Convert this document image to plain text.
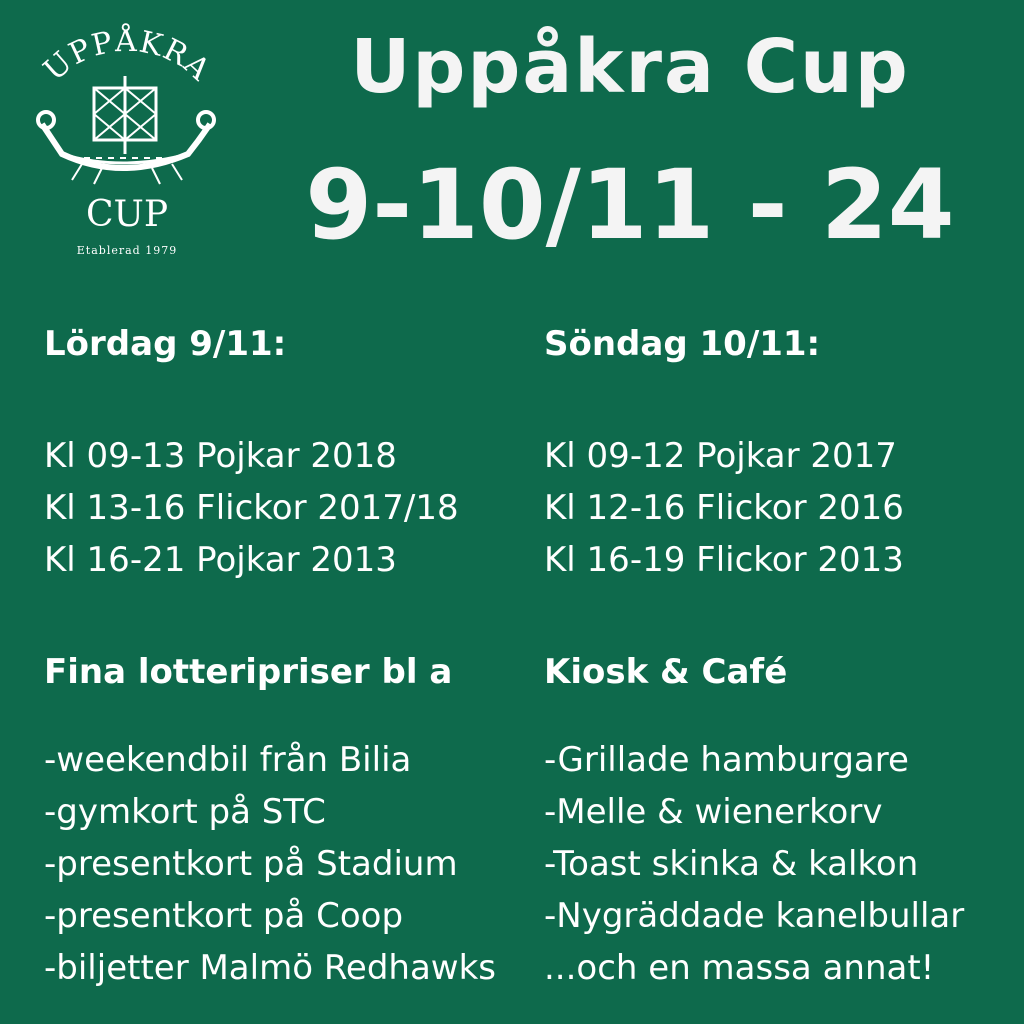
UPPÅKRA
CUP
Etablerad 1979
Uppåkra Cup
9-10/11 - 24
Lördag 9/11:
Kl 09-13 Pojkar 2018
Kl 13-16 Flickor 2017/18
Kl 16-21 Pojkar 2013
Söndag 10/11:
Kl 09-12 Pojkar 2017
Kl 12-16 Flickor 2016
Kl 16-19 Flickor 2013
Fina lotteripriser bl a
-weekendbil från Bilia
-gymkort på STC
-presentkort på Stadium
-presentkort på Coop
-biljetter Malmö Redhawks
Kiosk & Café
-Grillade hamburgare
-Melle & wienerkorv
-Toast skinka & kalkon
-Nygräddade kanelbullar
...och en massa annat!
